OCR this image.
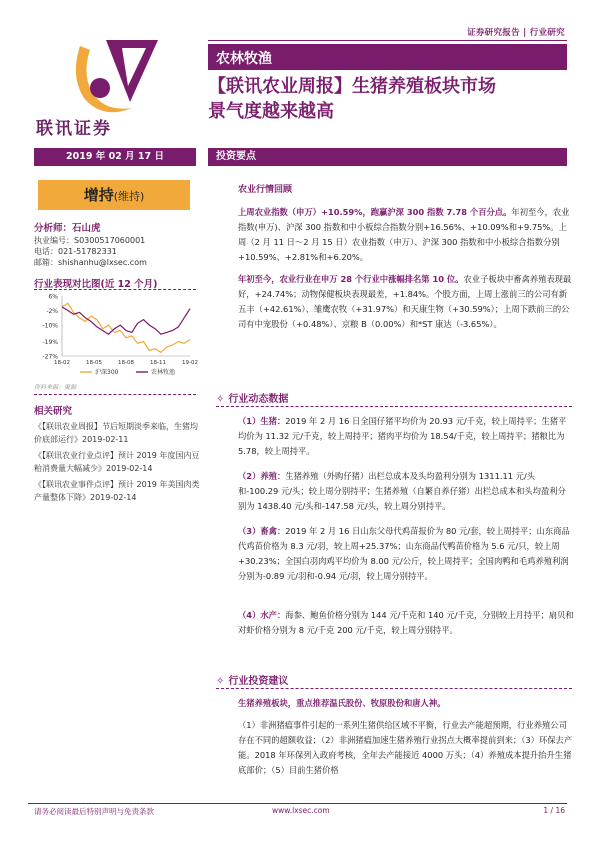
证券研究报告 | 行业研究
联讯证券
农林牧渔
【联讯农业周报】生猪养殖板块市场
景气度越来越高
2019 年 02 月 17 日
增持(维持)
分析师：石山虎
执业编号：S0300517060001
电话：021-51782331
邮箱：shishanhu@lxsec.com
行业表现对比图(近 12 个月)
6%
-2%
-10%
-19%
-27%
18-02	18-05	18-08	18-11	19-02
沪深300	农林牧渔
资料来源：聚源
相关研究
《【联讯农业周报】节后短期淡季来临，生猪均价底部运行》2019-02-11
《【联讯农业行业点评】预计 2019 年度国内豆粕消费量大幅减少》2019-02-14
《【联讯农业事件点评】预计 2019 年美国肉类产量整体下降》2019-02-14
投资要点
农业行情回顾
上周农业指数（申万）+10.59%，跑赢沪深 300 指数 7.78 个百分点。年初至今，农业指数(申万)、沪深 300 指数和中小板综合指数分别+16.56%、+10.09%和+9.75%。上周（2 月 11 日～2 月 15 日）农业指数（申万）、沪深 300 指数和中小板综合指数分别+10.59%、+2.81%和+6.20%。
年初至今，农业行业在申万 28 个行业中涨幅排名第 10 位。农业子板块中畜禽养殖表现最好，+24.74%；动物保健板块表现最差，+1.84%。个股方面，上周上涨前三的公司有新五丰（+42.61%）、雏鹰农牧（+31.97%）和天康生物（+30.59%）；上周下跌前三的公司有中宠股份（+0.48%）、京粮 B（0.00%）和*ST 康达（-3.65%）。
✧ 行业动态数据
（1）生猪：2019 年 2 月 16 日全国仔猪平均价为 20.93 元/千克，较上周持平；生猪平均价为 11.32 元/千克，较上周持平；猪肉平均价为 18.54/千克，较上周持平；猪粮比为 5.78，较上周持平。
（2）养殖：生猪养殖（外购仔猪）出栏总成本及头均盈利分别为 1311.11 元/头和-100.29 元/头；较上周分别持平；生猪养殖（自繁自养仔猪）出栏总成本和头均盈利分别为 1438.40 元/头和-147.58 元/头，较上周分别持平。
（3）畜禽：2019 年 2 月 16 日山东父母代鸡苗报价为 80 元/套，较上周持平；山东商品代鸡苗价格为 8.3 元/羽，较上周+25.37%；山东商品代鸭苗价格为 5.6 元/只，较上周+30.23%；全国白羽肉鸡平均价为 8.00 元/公斤，较上周持平；全国肉鸭和毛鸡养殖利润分别为-0.89 元/羽和-0.94 元/羽，较上周分别持平。
（4）水产：海参、鲍鱼价格分别为 144 元/千克和 140 元/千克，分别较上月持平；扇贝和对虾价格分别为 8 元/千克 200 元/千克，较上周分别持平。
✧ 行业投资建议
生猪养殖板块，重点推荐温氏股份、牧原股份和唐人神。
（1）非洲猪瘟事件引起的一系列生猪供给区域不平衡，行业去产能超预期，行业养殖公司存在不同的超额收益；（2）非洲猪瘟加速生猪养殖行业拐点大概率提前到来；（3）环保去产能。2018 年环保列入政府考核，全年去产能接近 4000 万头；（4）养殖成本提升抬升生猪底部价；（5）目前生猪价格
请务必阅读最后特别声明与免责条款	www.lxsec.com	1 / 16
